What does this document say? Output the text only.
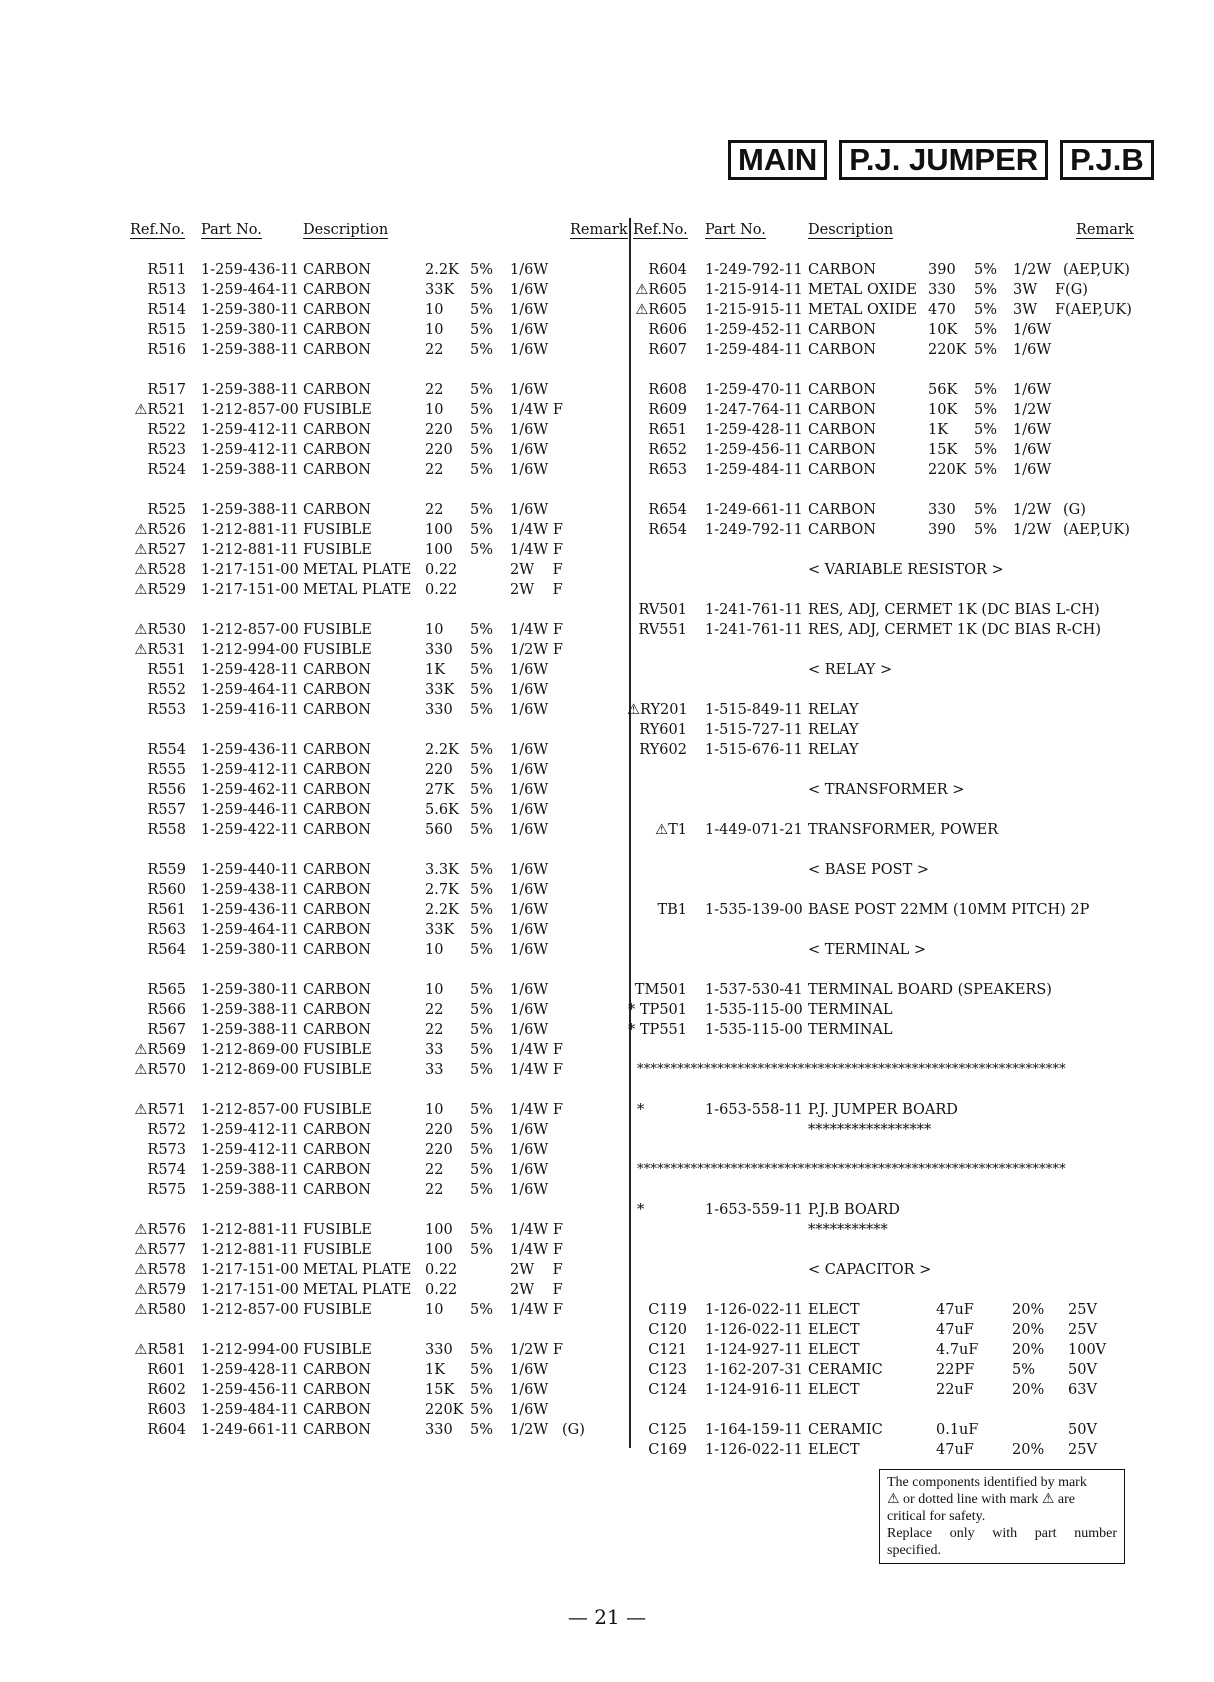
MAIN	P.J. JUMPER	P.J.B
Ref.No. Part No.	Description	Remark Ref.No. Part No.	Description	Remark
R511 1-259-436-11 CARBON	2.2K 5% 1/6W
R513 1-259-464-11 CARBON	33K 5% 1/6W
R514 1-259-380-11 CARBON	10 5% 1/6W
R515 1-259-380-11 CARBON	10 5% 1/6W
R516 1-259-388-11 CARBON	22 5% 1/6W
R517 1-259-388-11 CARBON	22 5% 1/6W
⚠R521 1-212-857-00 FUSIBLE	10 5% 1/4W F
R522 1-259-412-11 CARBON	220 5% 1/6W
R523 1-259-412-11 CARBON	220 5% 1/6W
R524 1-259-388-11 CARBON	22 5% 1/6W
R525 1-259-388-11 CARBON	22 5% 1/6W
⚠R526 1-212-881-11 FUSIBLE	100 5% 1/4W F
⚠R527 1-212-881-11 FUSIBLE	100 5% 1/4W F
⚠R528 1-217-151-00 METAL PLATE 0.22	2W    F
⚠R529 1-217-151-00 METAL PLATE 0.22	2W    F
⚠R530 1-212-857-00 FUSIBLE	10 5% 1/4W F
⚠R531 1-212-994-00 FUSIBLE	330 5% 1/2W F
R551 1-259-428-11 CARBON	1K 5% 1/6W
R552 1-259-464-11 CARBON	33K 5% 1/6W
R553 1-259-416-11 CARBON	330 5% 1/6W
R554 1-259-436-11 CARBON	2.2K 5% 1/6W
R555 1-259-412-11 CARBON	220 5% 1/6W
R556 1-259-462-11 CARBON	27K 5% 1/6W
R557 1-259-446-11 CARBON	5.6K 5% 1/6W
R558 1-259-422-11 CARBON	560 5% 1/6W
R559 1-259-440-11 CARBON	3.3K 5% 1/6W
R560 1-259-438-11 CARBON	2.7K 5% 1/6W
R561 1-259-436-11 CARBON	2.2K 5% 1/6W
R563 1-259-464-11 CARBON	33K 5% 1/6W
R564 1-259-380-11 CARBON	10 5% 1/6W
R565 1-259-380-11 CARBON	10 5% 1/6W
R566 1-259-388-11 CARBON	22 5% 1/6W
R567 1-259-388-11 CARBON	22 5% 1/6W
⚠R569 1-212-869-00 FUSIBLE	33 5% 1/4W F
⚠R570 1-212-869-00 FUSIBLE	33 5% 1/4W F
⚠R571 1-212-857-00 FUSIBLE	10 5% 1/4W F
R572 1-259-412-11 CARBON	220 5% 1/6W
R573 1-259-412-11 CARBON	220 5% 1/6W
R574 1-259-388-11 CARBON	22 5% 1/6W
R575 1-259-388-11 CARBON	22 5% 1/6W
⚠R576 1-212-881-11 FUSIBLE	100 5% 1/4W F
⚠R577 1-212-881-11 FUSIBLE	100 5% 1/4W F
⚠R578 1-217-151-00 METAL PLATE 0.22	2W    F
⚠R579 1-217-151-00 METAL PLATE 0.22	2W    F
⚠R580 1-212-857-00 FUSIBLE	10 5% 1/4W F
⚠R581 1-212-994-00 FUSIBLE	330 5% 1/2W F
R601 1-259-428-11 CARBON	1K 5% 1/6W
R602 1-259-456-11 CARBON	15K 5% 1/6W
R603 1-259-484-11 CARBON	220K 5% 1/6W
R604 1-249-661-11 CARBON	330 5% 1/2W (G)
R604 1-249-792-11 CARBON	390 5% 1/2W (AEP,UK)
⚠R605 1-215-914-11 METAL OXIDE 330 5% 3W F(G)
⚠R605 1-215-915-11 METAL OXIDE 470 5% 3W F(AEP,UK)
R606 1-259-452-11 CARBON	10K 5% 1/6W
R607 1-259-484-11 CARBON	220K 5% 1/6W
R608 1-259-470-11 CARBON	56K 5% 1/6W
R609 1-247-764-11 CARBON	10K 5% 1/2W
R651 1-259-428-11 CARBON	1K 5% 1/6W
R652 1-259-456-11 CARBON	15K 5% 1/6W
R653 1-259-484-11 CARBON	220K 5% 1/6W
R654 1-249-661-11 CARBON	330 5% 1/2W (G)
R654 1-249-792-11 CARBON	390 5% 1/2W (AEP,UK)
< VARIABLE RESISTOR >
RV501 1-241-761-11 RES, ADJ, CERMET 1K (DC BIAS L-CH)
RV551 1-241-761-11 RES, ADJ, CERMET 1K (DC BIAS R-CH)
< RELAY >
⚠RY201 1-515-849-11 RELAY
RY601 1-515-727-11 RELAY
RY602 1-515-676-11 RELAY
< TRANSFORMER >
⚠T1 1-449-071-21 TRANSFORMER, POWER
< BASE POST >
TB1 1-535-139-00 BASE POST 22MM (10MM PITCH) 2P
< TERMINAL >
TM501 1-537-530-41 TERMINAL BOARD (SPEAKERS)
* TP501 1-535-115-00 TERMINAL
* TP551 1-535-115-00 TERMINAL
*	1-653-558-11 P.J. JUMPER BOARD
*****************
*	1-653-559-11 P.J.B BOARD
***********
< CAPACITOR >
****************************************************************
****************************************************************
C119 1-126-022-11 ELECT	47uF	20% 25V
C120 1-126-022-11 ELECT	47uF	20% 25V
C121 1-124-927-11 ELECT	4.7uF 20% 100V
C123 1-162-207-31 CERAMIC	22PF	5% 50V
C124 1-124-916-11 ELECT	22uF	20% 63V
C125 1-164-159-11 CERAMIC	0.1uF	50V
C169 1-126-022-11 ELECT	47uF	20% 25V
The components identified by mark
⚠ or dotted line with mark ⚠ are
critical for safety.
Replace only with part number
specified.
— 21 —
